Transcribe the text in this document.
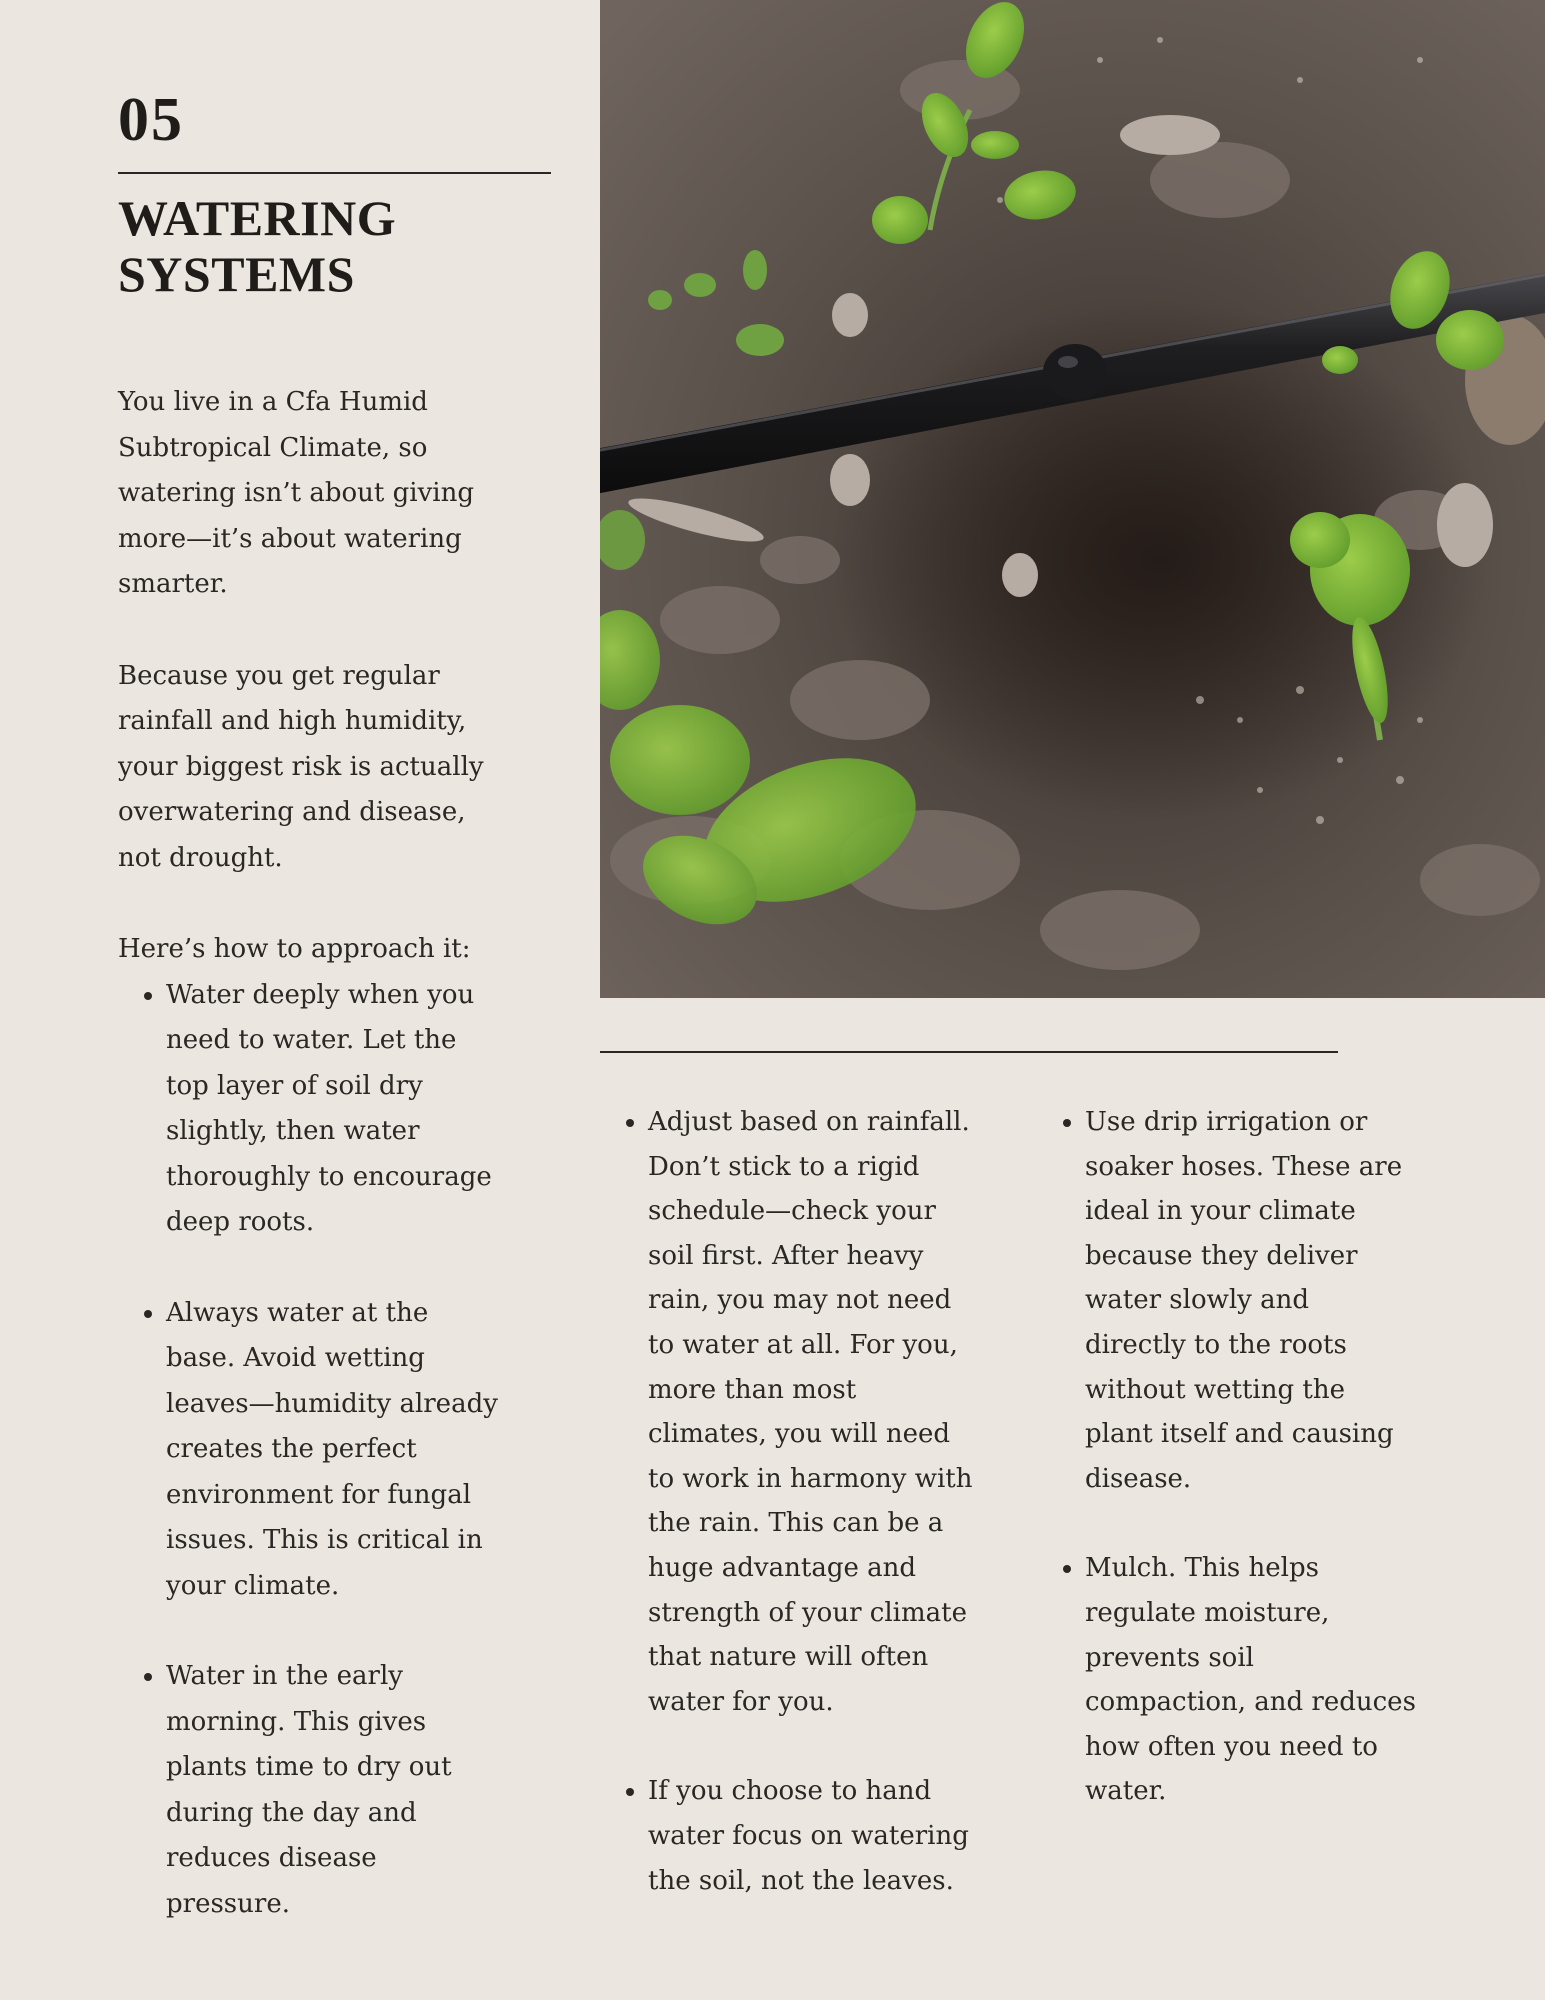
05
WATERING SYSTEMS

You live in a Cfa Humid Subtropical Climate, so watering isn’t about giving more—it’s about watering smarter.

Because you get regular rainfall and high humidity, your biggest risk is actually overwatering and disease, not drought.

Here’s how to approach it:

• Water deeply when you need to water. Let the top layer of soil dry slightly, then water thoroughly to encourage deep roots.
• Always water at the base. Avoid wetting leaves—humidity already creates the perfect environment for fungal issues. This is critical in your climate.
• Water in the early morning. This gives plants time to dry out during the day and reduces disease pressure.
• Adjust based on rainfall. Don’t stick to a rigid schedule—check your soil first. After heavy rain, you may not need to water at all. For you, more than most climates, you will need to work in harmony with the rain. This can be a huge advantage and strength of your climate that nature will often water for you.
• If you choose to hand water focus on watering the soil, not the leaves.
• Use drip irrigation or soaker hoses. These are ideal in your climate because they deliver water slowly and directly to the roots without wetting the plant itself and causing disease.
• Mulch. This helps regulate moisture, prevents soil compaction, and reduces how often you need to water.
